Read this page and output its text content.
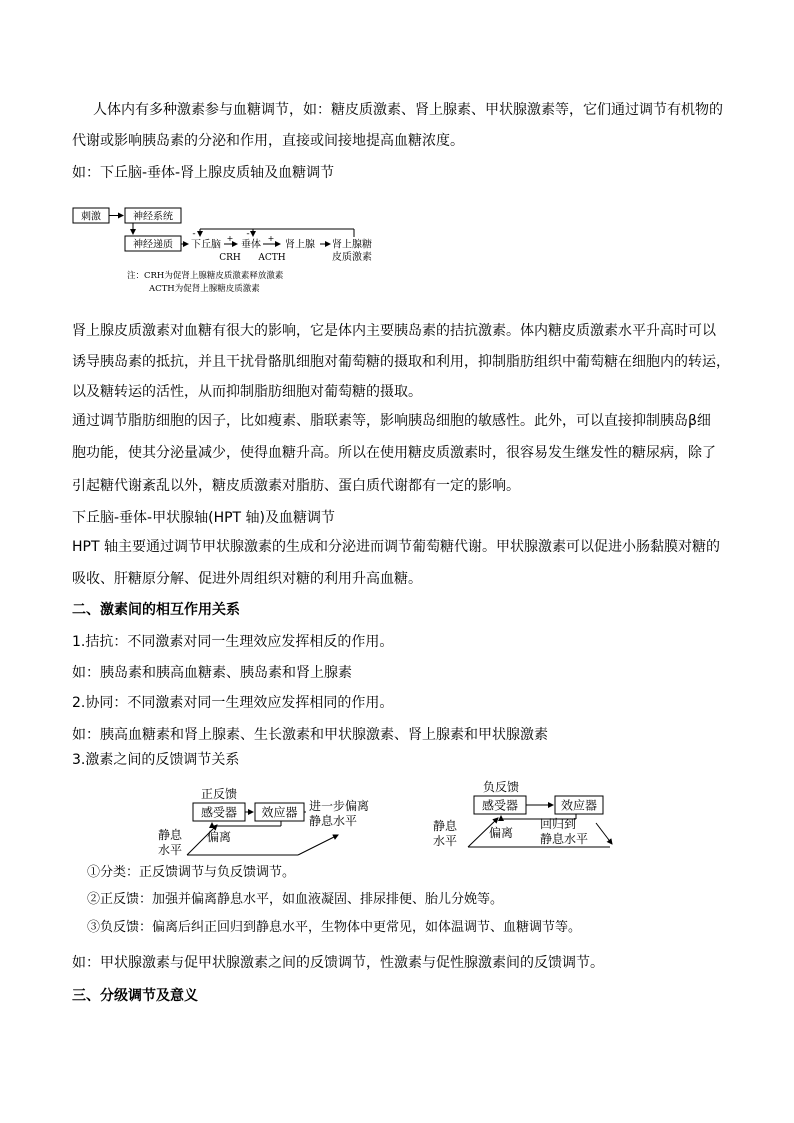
人体内有多种激素参与血糖调节，如：糖皮质激素、肾上腺素、甲状腺激素等，它们通过调节有机物的
代谢或影响胰岛素的分泌和作用，直接或间接地提高血糖浓度。
如：下丘脑-垂体-肾上腺皮质轴及血糖调节
刺激	神经系统
神经递质 下丘脑
+
CRH
垂体
+
ACTH
肾上腺 肾上腺糖
皮质激素
-	-
注：CRH为促肾上腺糖皮质激素释放激素
ACTH为促肾上腺糖皮质激素
肾上腺皮质激素对血糖有很大的影响，它是体内主要胰岛素的拮抗激素。体内糖皮质激素水平升高时可以
诱导胰岛素的抵抗，并且干扰骨骼肌细胞对葡萄糖的摄取和利用，抑制脂肪组织中葡萄糖在细胞内的转运，
以及糖转运的活性，从而抑制脂肪细胞对葡萄糖的摄取。
通过调节脂肪细胞的因子，比如瘦素、脂联素等，影响胰岛细胞的敏感性。此外，可以直接抑制胰岛β细
胞功能，使其分泌量减少，使得血糖升高。所以在使用糖皮质激素时，很容易发生继发性的糖尿病，除了
引起糖代谢紊乱以外，糖皮质激素对脂肪、蛋白质代谢都有一定的影响。
下丘脑-垂体-甲状腺轴(HPT 轴)及血糖调节
HPT 轴主要通过调节甲状腺激素的生成和分泌进而调节葡萄糖代谢。甲状腺激素可以促进小肠黏膜对糖的
吸收、肝糖原分解、促进外周组织对糖的利用升高血糖。
二、激素间的相互作用关系
1.拮抗：不同激素对同一生理效应发挥相反的作用。
如：胰岛素和胰高血糖素、胰岛素和肾上腺素
2.协同：不同激素对同一生理效应发挥相同的作用。
如：胰高血糖素和肾上腺素、生长激素和甲状腺激素、肾上腺素和甲状腺激素
3.激素之间的反馈调节关系
正反馈
感受器 效应器 进一步偏离
静息水平
偏离
静息
水平
负反馈
感受器	效应器
偏离
回归到
静息水平
静息
水平
①分类：正反馈调节与负反馈调节。
②正反馈：加强并偏离静息水平，如血液凝固、排尿排便、胎儿分娩等。
③负反馈：偏离后纠正回归到静息水平，生物体中更常见，如体温调节、血糖调节等。
如：甲状腺激素与促甲状腺激素之间的反馈调节，性激素与促性腺激素间的反馈调节。
三、分级调节及意义
